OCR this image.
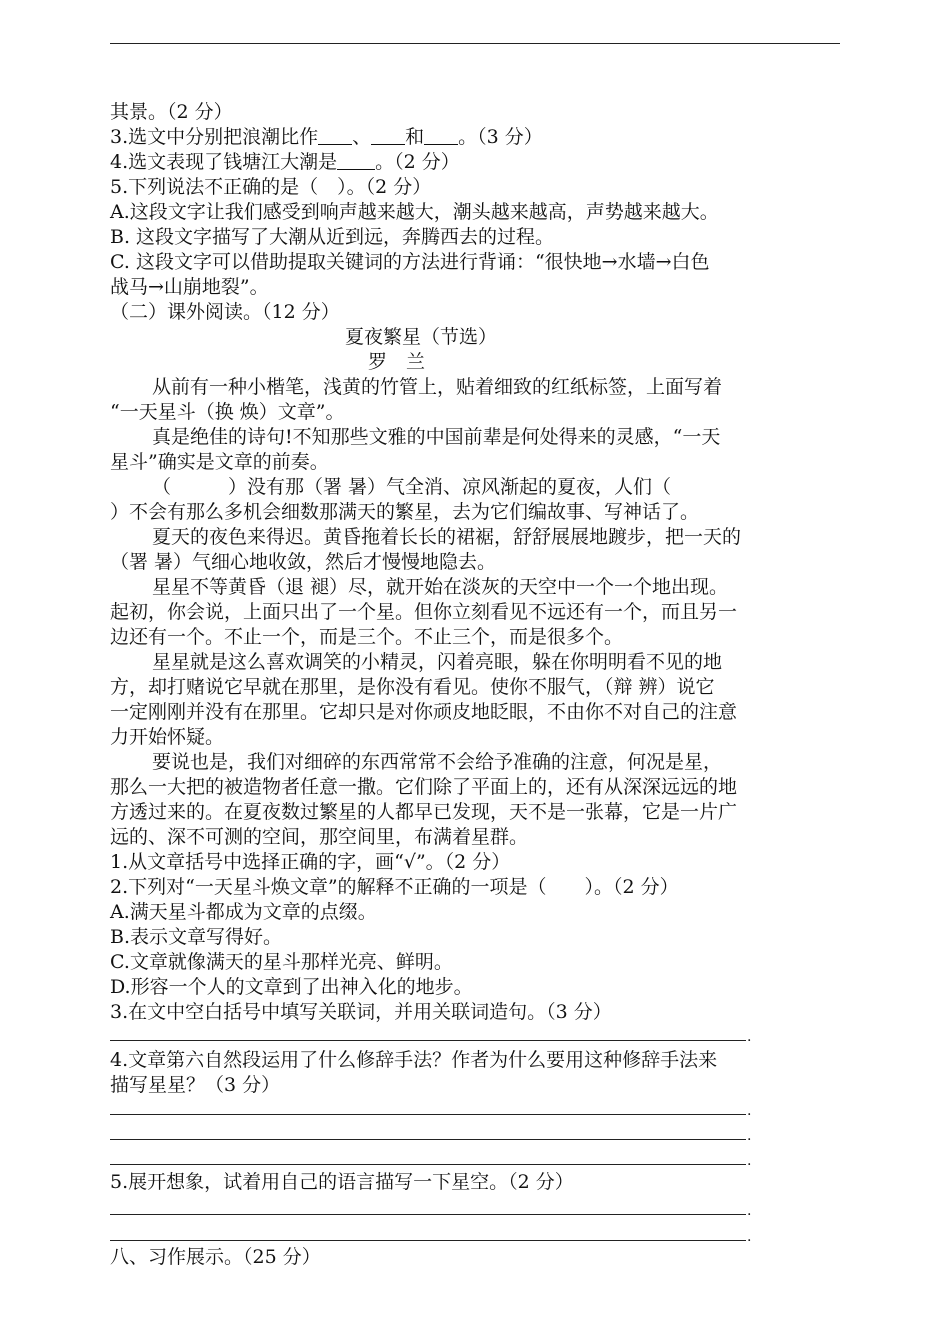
其景。（2 分）
3.选文中分别把浪潮比作 、 和 。（3 分）
4.选文表现了钱塘江大潮是 。（2 分）
5.下列说法不正确的是（　）。（2 分）
A.这段文字让我们感受到响声越来越大，潮头越来越高，声势越来越大。
B. 这段文字描写了大潮从近到远，奔腾西去的过程。
C. 这段文字可以借助提取关键词的方法进行背诵：“很快地→水墙→白色
战马→山崩地裂”。
（二）课外阅读。（12 分）
夏夜繁星（节选）
罗　兰
从前有一种小楷笔，浅黄的竹管上，贴着细致的红纸标签，上面写着
“一天星斗（换 焕）文章”。
真是绝佳的诗句!不知那些文雅的中国前辈是何处得来的灵感，“一天
星斗”确实是文章的前奏。
（　　　）没有那（署 暑）气全消、凉风渐起的夏夜，人们（
）不会有那么多机会细数那满天的繁星，去为它们编故事、写神话了。
夏天的夜色来得迟。黄昏拖着长长的裙裾，舒舒展展地踱步，把一天的
（署 暑）气细心地收敛，然后才慢慢地隐去。
星星不等黄昏（退 褪）尽，就开始在淡灰的天空中一个一个地出现。
起初，你会说，上面只出了一个星。但你立刻看见不远还有一个，而且另一
边还有一个。不止一个，而是三个。不止三个，而是很多个。
星星就是这么喜欢调笑的小精灵，闪着亮眼，躲在你明明看不见的地
方，却打赌说它早就在那里，是你没有看见。使你不服气，（辩 辨）说它
一定刚刚并没有在那里。它却只是对你顽皮地眨眼，不由你不对自己的注意
力开始怀疑。
要说也是，我们对细碎的东西常常不会给予准确的注意，何况是星，
那么一大把的被造物者任意一撒。它们除了平面上的，还有从深深远远的地
方透过来的。在夏夜数过繁星的人都早已发现，天不是一张幕，它是一片广
远的、深不可测的空间，那空间里，布满着星群。
1.从文章括号中选择正确的字，画“√”。（2 分）
2.下列对“一天星斗焕文章”的解释不正确的一项是（　　）。（2 分）
A.满天星斗都成为文章的点缀。
B.表示文章写得好。
C.文章就像满天的星斗那样光亮、鲜明。
D.形容一个人的文章到了出神入化的地步。
3.在文中空白括号中填写关联词，并用关联词造句。（3 分）
.
4.文章第六自然段运用了什么修辞手法？作者为什么要用这种修辞手法来
描写星星？（3 分）
.
.
.
5.展开想象，试着用自己的语言描写一下星空。（2 分）
.
.
八、习作展示。（25 分）
